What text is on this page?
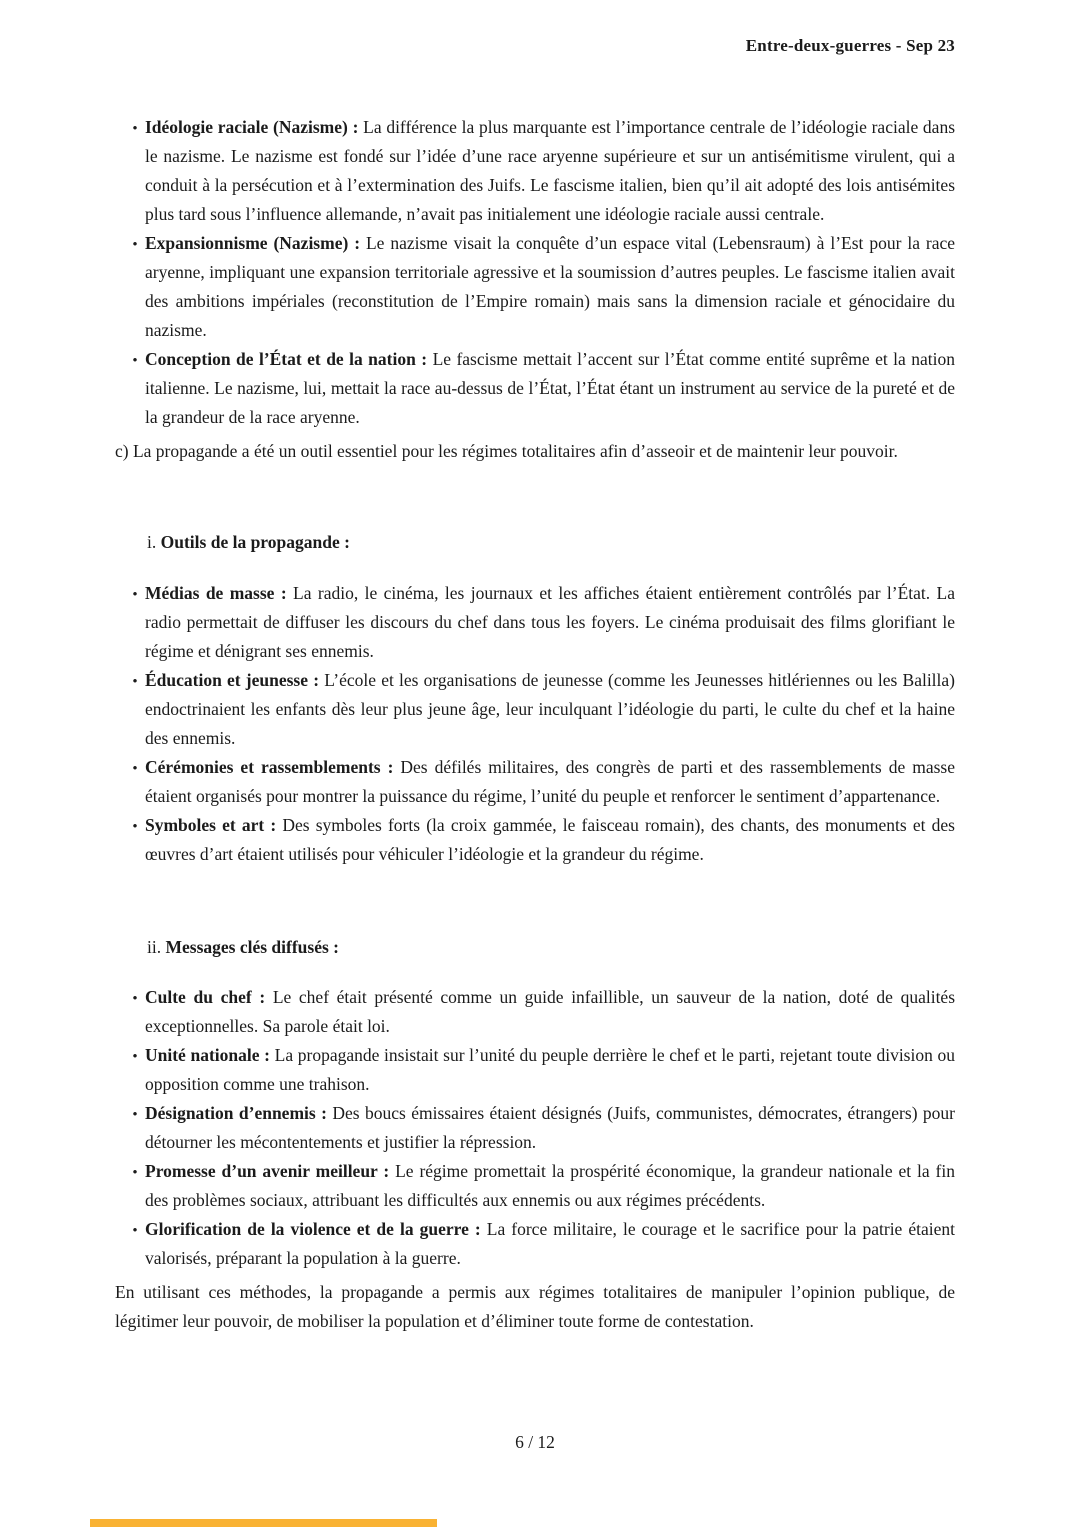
Entre-deux-guerres - Sep 23
•
Idéologie raciale (Nazisme) : La différence la plus marquante est l’importance centrale de l’idéologie raciale dans le nazisme. Le nazisme est fondé sur l’idée d’une race aryenne supérieure et sur un antisémitisme virulent, qui a conduit à la persécution et à l’extermination des Juifs. Le fascisme italien, bien qu’il ait adopté des lois antisémites plus tard sous l’influence allemande, n’avait pas initialement une idéologie raciale aussi centrale.
•
Expansionnisme (Nazisme) : Le nazisme visait la conquête d’un espace vital (Lebensraum) à l’Est pour la race aryenne, impliquant une expansion territoriale agressive et la soumission d’autres peuples. Le fascisme italien avait des ambitions impériales (reconstitution de l’Empire romain) mais sans la dimension raciale et génocidaire du nazisme.
•
Conception de l’État et de la nation : Le fascisme mettait l’accent sur l’État comme entité suprême et la nation italienne. Le nazisme, lui, mettait la race au-dessus de l’État, l’État étant un instrument au service de la pureté et de la grandeur de la race aryenne.

c) La propagande a été un outil essentiel pour les régimes totalitaires afin d’asseoir et de maintenir leur pouvoir.

i. Outils de la propagande :
•
Médias de masse : La radio, le cinéma, les journaux et les affiches étaient entièrement contrôlés par l’État. La radio permettait de diffuser les discours du chef dans tous les foyers. Le cinéma produisait des films glorifiant le régime et dénigrant ses ennemis.
•
Éducation et jeunesse : L’école et les organisations de jeunesse (comme les Jeunesses hitlériennes ou les Balilla) endoctrinaient les enfants dès leur plus jeune âge, leur inculquant l’idéologie du parti, le culte du chef et la haine des ennemis.
•
Cérémonies et rassemblements : Des défilés militaires, des congrès de parti et des rassemblements de masse étaient organisés pour montrer la puissance du régime, l’unité du peuple et renforcer le sentiment d’appartenance.
•
Symboles et art : Des symboles forts (la croix gammée, le faisceau romain), des chants, des monuments et des œuvres d’art étaient utilisés pour véhiculer l’idéologie et la grandeur du régime.
ii. Messages clés diffusés :
•
Culte du chef : Le chef était présenté comme un guide infaillible, un sauveur de la nation, doté de qualités exceptionnelles. Sa parole était loi.
•
Unité nationale : La propagande insistait sur l’unité du peuple derrière le chef et le parti, rejetant toute division ou opposition comme une trahison.
•
Désignation d’ennemis : Des boucs émissaires étaient désignés (Juifs, communistes, démocrates, étrangers) pour détourner les mécontentements et justifier la répression.
•
Promesse d’un avenir meilleur : Le régime promettait la prospérité économique, la grandeur nationale et la fin des problèmes sociaux, attribuant les difficultés aux ennemis ou aux régimes précédents.
•
Glorification de la violence et de la guerre : La force militaire, le courage et le sacrifice pour la patrie étaient valorisés, préparant la population à la guerre.

En utilisant ces méthodes, la propagande a permis aux régimes totalitaires de manipuler l’opinion publique, de légitimer leur pouvoir, de mobiliser la population et d’éliminer toute forme de contestation.

6 / 12
